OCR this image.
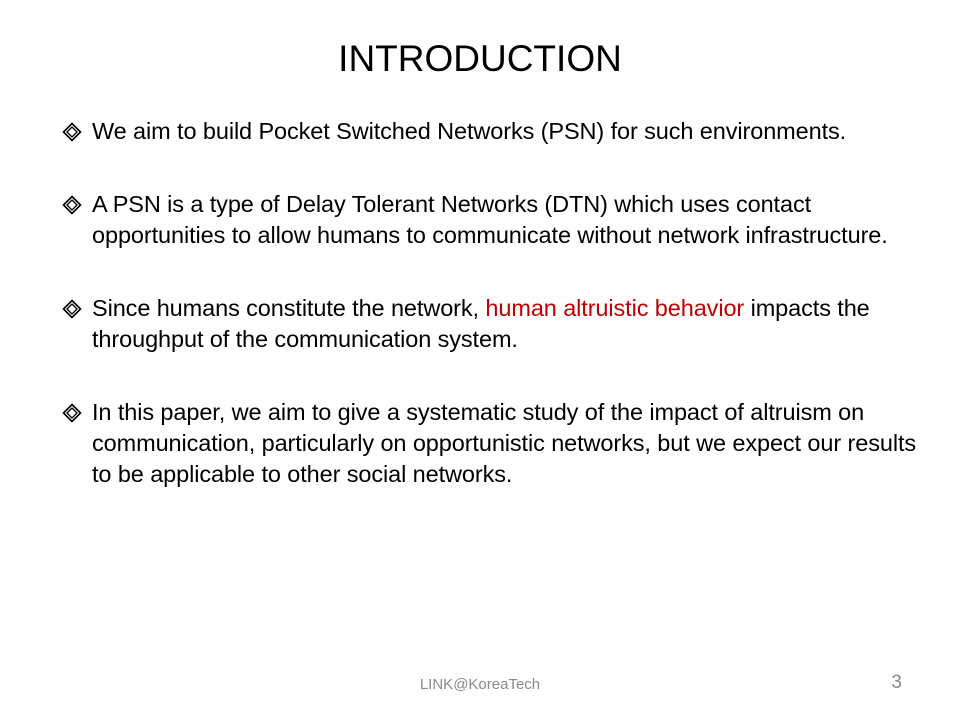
INTRODUCTION
We aim to build Pocket Switched Networks (PSN) for such environments.
A PSN is a type of Delay Tolerant Networks (DTN) which uses contact opportunities to allow humans to communicate without network infrastructure.
Since humans constitute the network, human altruistic behavior impacts the throughput of the communication system.
In this paper, we aim to give a systematic study of the impact of altruism on communication, particularly on opportunistic networks, but we expect our results to be applicable to other social networks.
LINK@KoreaTech	3
